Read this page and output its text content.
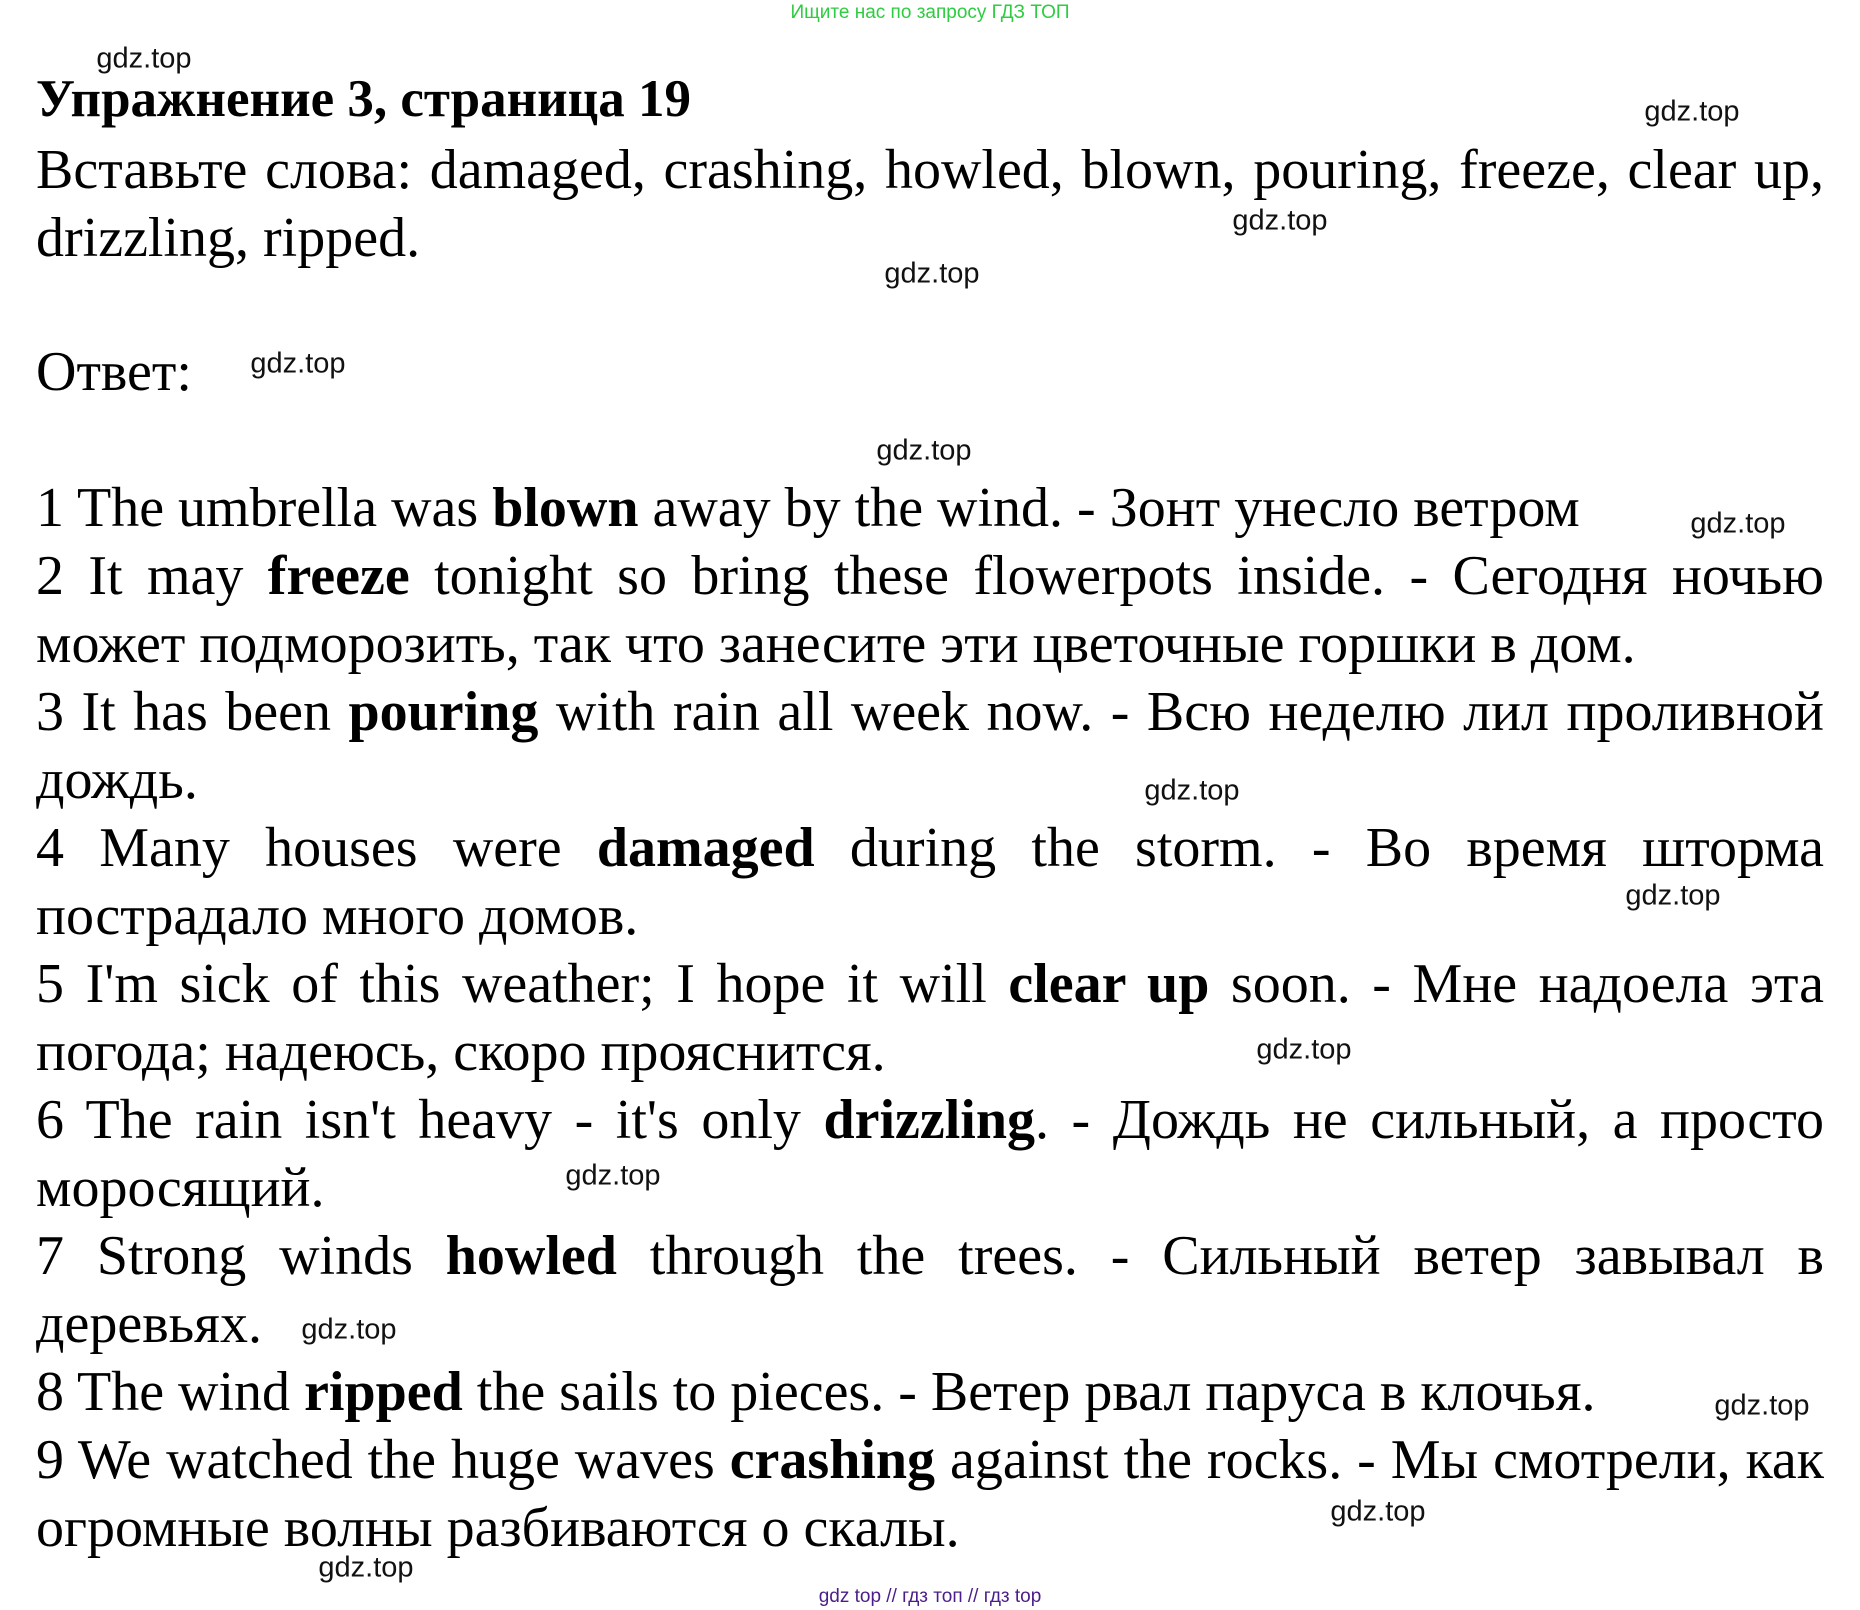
Ищите нас по запросу ГДЗ ТОП
Упражнение 3, страница 19
Вставьте слова: damaged, crashing, howled, blown, pouring, freeze, clear up, drizzling, ripped.
Ответ:

1 The umbrella was blown away by the wind. - Зонт унесло ветром

2 It may freeze tonight so bring these flowerpots inside. - Сегодня ночью может подморозить, так что занесите эти цветочные горшки в дом.

3 It has been pouring with rain all week now. - Всю неделю лил проливной дождь.

4 Many houses were damaged during the storm. - Во время шторма пострадало много домов.

5 I'm sick of this weather; I hope it will clear up soon. - Мне надоела эта погода; надеюсь, скоро прояснится.

6 The rain isn't heavy - it's only drizzling. - Дождь не сильный, а просто моросящий.

7 Strong winds howled through the trees. - Сильный ветер завывал в деревьях.

8 The wind ripped the sails to pieces. - Ветер рвал паруса в клочья.

9 We watched the huge waves crashing against the rocks. - Мы смотрели, как огромные волны разбиваются о скалы.

gdz.top
gdz.top
gdz.top
gdz.top
gdz.top
gdz.top
gdz.top
gdz.top
gdz.top
gdz.top
gdz.top
gdz.top
gdz.top
gdz.top
gdz.top
gdz top // гдз топ // гдз top
